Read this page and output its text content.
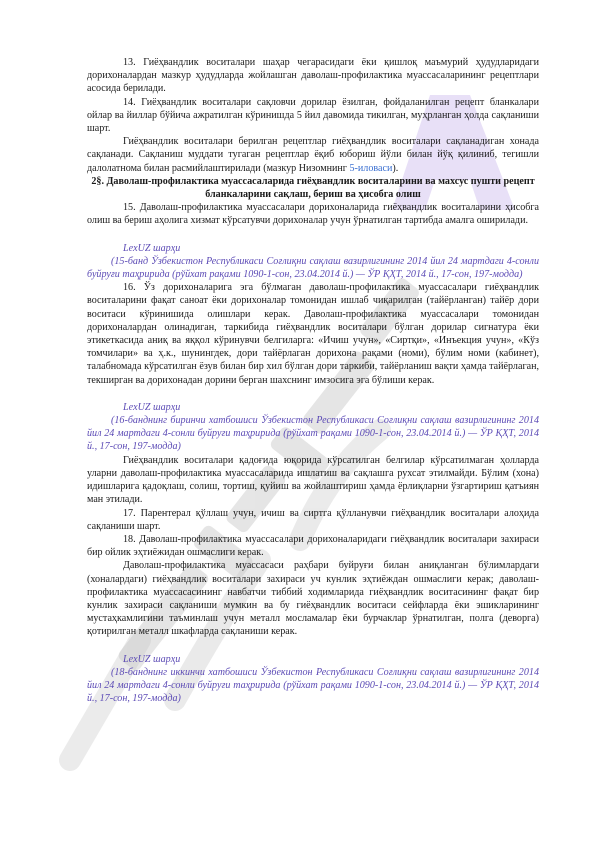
13. Гиёҳвандлик воситалари шаҳар чегарасидаги ёки қишлоқ маъмурий ҳудудларидаги дорихоналардан мазкур ҳудудларда жойлашган даволаш-профилактика муассасаларининг рецептлари асосида берилади.

14. Гиёҳвандлик воситалари сақловчи дорилар ёзилган, фойдаланилган рецепт бланкалари ойлар ва йиллар бўйича ажратилган кўринишда 5 йил давомида тикилган, муҳрланган ҳолда сақланиши шарт.

Гиёҳвандлик воситалари берилган рецептлар гиёҳвандлик воситалари сақланадиган хонада сақланади. Сақланиш муддати тугаган рецептлар ёқиб юбориш йўли билан йўқ қилиниб, тегишли далолатнома билан расмийлаштирилади (мазкур Низомнинг 5-иловаси).

2§. Даволаш-профилактика муассасаларида гиёҳвандлик воситаларини ва махсус пушти рецепт бланкаларини сақлаш, бериш ва ҳисобга олиш

15. Даволаш-профилактика муассасалари дорихоналарида гиёҳвандлик воситаларини ҳисобга олиш ва бериш аҳолига хизмат кўрсатувчи дорихоналар учун ўрнатилган тартибда амалга оширилади.

LexUZ шарҳи

(15-банд Ўзбекистон Республикаси Соғлиқни сақлаш вазирлигининг 2014 йил 24 мартдаги 4-сонли буйруғи таҳририда (рўйхат рақами 1090-1-сон, 23.04.2014 й.) — ЎР ҚҲТ, 2014 й., 17-сон, 197-модда)

16. Ўз дорихоналарига эга бўлмаган даволаш-профилактика муассасалари гиёҳвандлик воситаларини фақат саноат ёки дорихоналар томонидан ишлаб чиқарилган (тайёрланган) тайёр дори воситаси кўринишида олишлари керак. Даволаш-профилактика муассасалари томонидан дорихоналардан олинадиган, таркибида гиёҳвандлик воситалари бўлган дорилар сигнатура ёки этикеткасида аниқ ва яққол кўринувчи белгиларга: «Ичиш учун», «Сиртқи», «Инъекция учун», «Кўз томчилари» ва ҳ.к., шунингдек, дори тайёрлаган дорихона рақами (номи), бўлим номи (кабинет), талабномада кўрсатилган ёзув билан бир хил бўлган дори таркиби, тайёрланиш вақти ҳамда тайёрлаган, текширган ва дорихонадан дорини берган шахснинг имзосига эга бўлиши керак.

LexUZ шарҳи

(16-банднинг биринчи хатбошиси Ўзбекистон Республикаси Соғлиқни сақлаш вазирлигининг 2014 йил 24 мартдаги 4-сонли буйруғи таҳририда (рўйхат рақами 1090-1-сон, 23.04.2014 й.) — ЎР ҚҲТ, 2014 й., 17-сон, 197-модда)

Гиёҳвандлик воситалари қадоғида юқорида кўрсатилган белгилар кўрсатилмаган ҳолларда уларни даволаш-профилактика муассасаларида ишлатиш ва сақлашга рухсат этилмайди. Бўлим (хона) идишларига қадоқлаш, солиш, тортиш, қуйиш ва жойлаштириш ҳамда ёрлиқларни ўзгартириш қатъиян ман этилади.

17. Парентерал қўллаш учун, ичиш ва сиртга қўлланувчи гиёҳвандлик воситалари алоҳида сақланиши шарт.

18. Даволаш-профилактика муассасалари дорихоналаридаги гиёҳвандлик воситалари захираси бир ойлик эҳтиёжидан ошмаслиги керак.

Даволаш-профилактика муассасаси раҳбари буйруғи билан аниқланган бўлимлардаги (хоналардаги) гиёҳвандлик воситалари захираси уч кунлик эҳтиёждан ошмаслиги керак; даволаш-профилактика муассасасининг навбатчи тиббий ходимларида гиёҳвандлик воситасининг фақат бир кунлик захираси сақланиши мумкин ва бу гиёҳвандлик воситаси сейфларда ёки эшикларининг мустаҳкамлигини таъминлаш учун металл мосламалар ёки бурчаклар ўрнатилган, полга (деворга) қотирилган металл шкафларда сақланиши керак.

LexUZ шарҳи

(18-банднинг иккинчи хатбошиси Ўзбекистон Республикаси Соғлиқни сақлаш вазирлигининг 2014 йил 24 мартдаги 4-сонли буйруғи таҳририда (рўйхат рақами 1090-1-сон, 23.04.2014 й.) — ЎР ҚҲТ, 2014 й., 17-сон, 197-модда)
